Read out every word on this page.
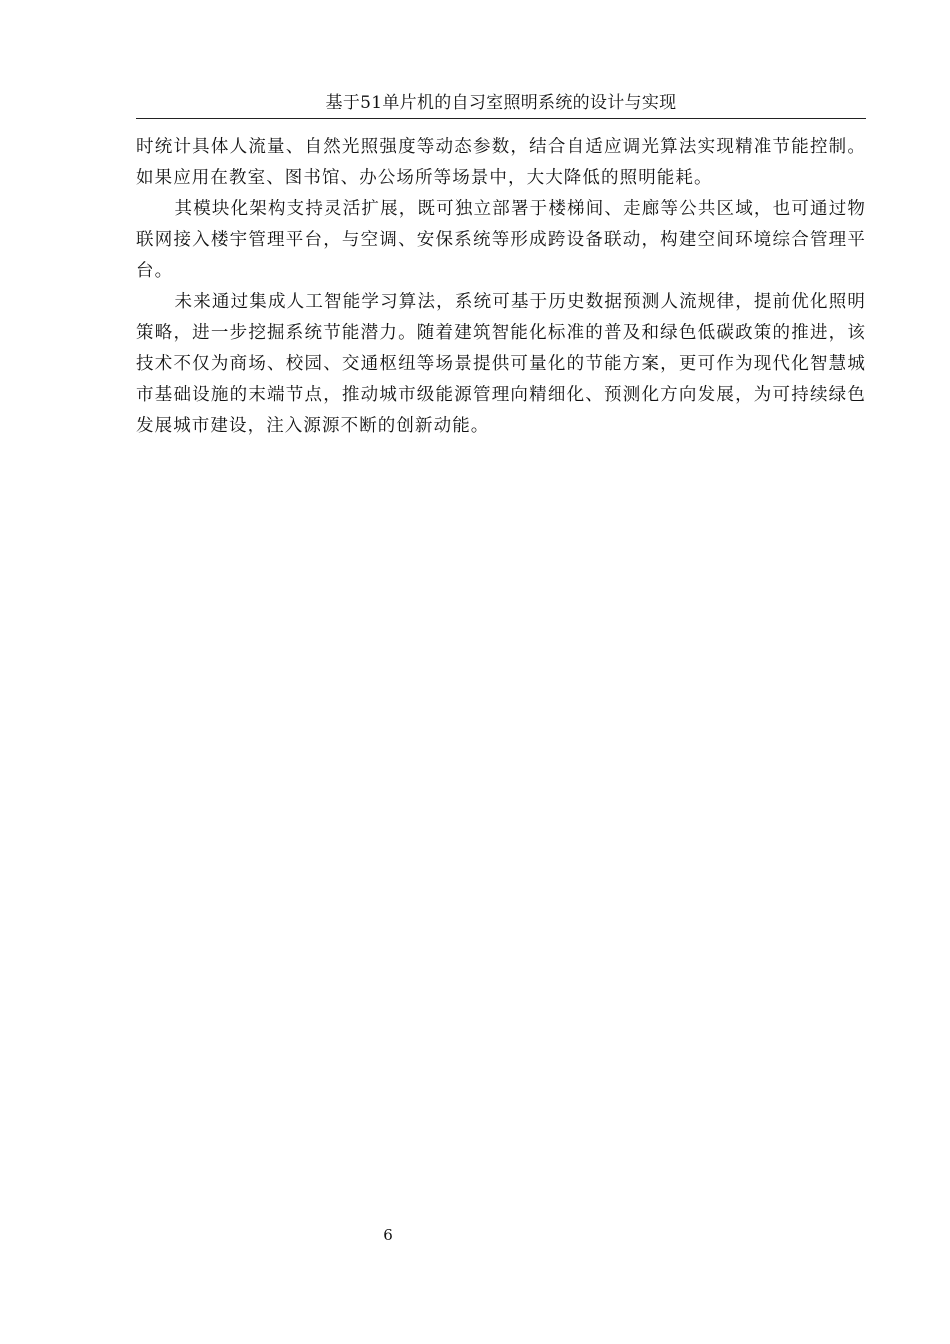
基于51单片机的自习室照明系统的设计与实现

时统计具体人流量、自然光照强度等动态参数，结合自适应调光算法实现精准节能控制。如果应用在教室、图书馆、办公场所等场景中，大大降低的照明能耗。

其模块化架构支持灵活扩展，既可独立部署于楼梯间、走廊等公共区域，也可通过物联网接入楼宇管理平台，与空调、安保系统等形成跨设备联动，构建空间环境综合管理平台。

未来通过集成人工智能学习算法，系统可基于历史数据预测人流规律，提前优化照明策略，进一步挖掘系统节能潜力。随着建筑智能化标准的普及和绿色低碳政策的推进，该技术不仅为商场、校园、交通枢纽等场景提供可量化的节能方案，更可作为现代化智慧城市基础设施的末端节点，推动城市级能源管理向精细化、预测化方向发展，为可持续绿色发展城市建设，注入源源不断的创新动能。

6
